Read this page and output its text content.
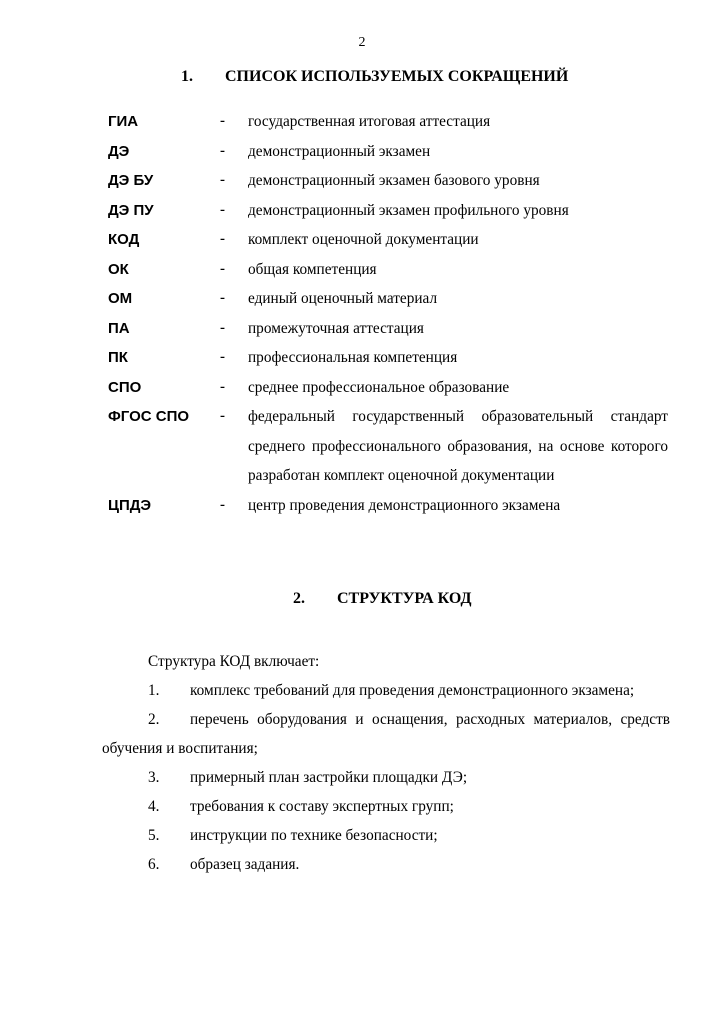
2
1. СПИСОК ИСПОЛЬЗУЕМЫХ СОКРАЩЕНИЙ
ГИА	-	государственная итоговая аттестация
ДЭ	-	демонстрационный экзамен
ДЭ БУ	-	демонстрационный экзамен базового уровня
ДЭ ПУ	-	демонстрационный экзамен профильного уровня
КОД	-	комплект оценочной документации
ОК	-	общая компетенция
ОМ	-	единый оценочный материал
ПА	-	промежуточная аттестация
ПК	-	профессиональная компетенция
СПО	-	среднее профессиональное образование
ФГОС СПО	-	федеральный государственный образовательный стандарт среднего профессионального образования, на основе которого разработан комплект оценочной документации
ЦПДЭ	-	центр проведения демонстрационного экзамена
2. СТРУКТУРА КОД
Структура КОД включает:
1. комплекс требований для проведения демонстрационного экзамена;
2. перечень оборудования и оснащения, расходных материалов, средств обучения и воспитания;
3. примерный план застройки площадки ДЭ;
4. требования к составу экспертных групп;
5. инструкции по технике безопасности;
6. образец задания.
